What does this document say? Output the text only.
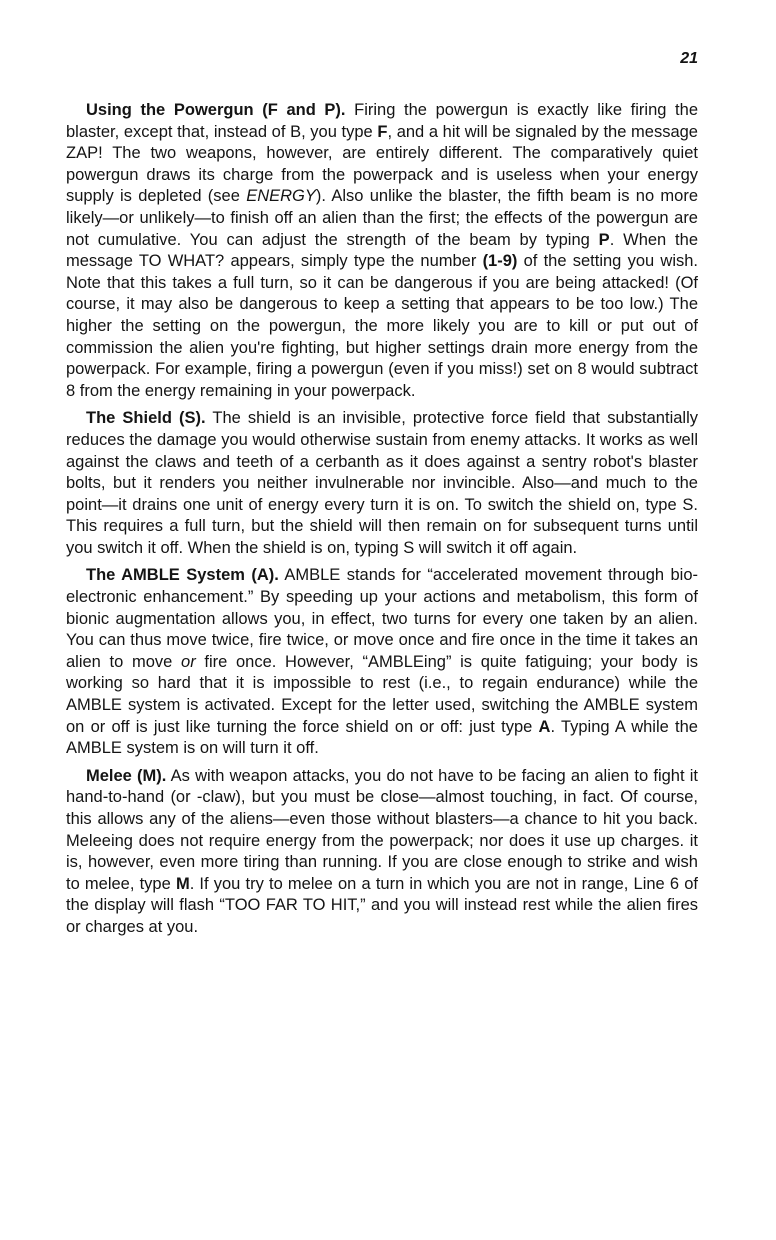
21

Using the Powergun (F and P). Firing the powergun is exactly like firing the blaster, except that, instead of B, you type F, and a hit will be signaled by the message ZAP! The two weapons, however, are entirely different. The comparatively quiet powergun draws its charge from the powerpack and is useless when your energy supply is depleted (see ENERGY). Also unlike the blaster, the fifth beam is no more likely—or unlikely—to finish off an alien than the first; the effects of the powergun are not cumulative. You can adjust the strength of the beam by typing P. When the message TO WHAT? appears, simply type the number (1-9) of the setting you wish. Note that this takes a full turn, so it can be dangerous if you are being attacked! (Of course, it may also be dangerous to keep a setting that appears to be too low.) The higher the setting on the powergun, the more likely you are to kill or put out of commission the alien you're fighting, but higher settings drain more energy from the powerpack. For example, firing a powergun (even if you miss!) set on 8 would subtract 8 from the energy remaining in your powerpack.

The Shield (S). The shield is an invisible, protective force field that substantially reduces the damage you would otherwise sustain from enemy attacks. It works as well against the claws and teeth of a cerbanth as it does against a sentry robot's blaster bolts, but it renders you neither invulnerable nor invincible. Also—and much to the point—it drains one unit of energy every turn it is on. To switch the shield on, type S. This requires a full turn, but the shield will then remain on for subsequent turns until you switch it off. When the shield is on, typing S will switch it off again.

The AMBLE System (A). AMBLE stands for “accelerated movement through bio-electronic enhancement.” By speeding up your actions and metabolism, this form of bionic augmentation allows you, in effect, two turns for every one taken by an alien. You can thus move twice, fire twice, or move once and fire once in the time it takes an alien to move or fire once. However, “AMBLEing” is quite fatiguing; your body is working so hard that it is impossible to rest (i.e., to regain endurance) while the AMBLE system is activated. Except for the letter used, switching the AMBLE system on or off is just like turning the force shield on or off: just type A. Typing A while the AMBLE system is on will turn it off.

Melee (M). As with weapon attacks, you do not have to be facing an alien to fight it hand-to-hand (or -claw), but you must be close—almost touching, in fact. Of course, this allows any of the aliens—even those without blasters—a chance to hit you back. Meleeing does not require energy from the powerpack; nor does it use up charges. it is, however, even more tiring than running. If you are close enough to strike and wish to melee, type M. If you try to melee on a turn in which you are not in range, Line 6 of the display will flash “TOO FAR TO HIT,” and you will instead rest while the alien fires or charges at you.
